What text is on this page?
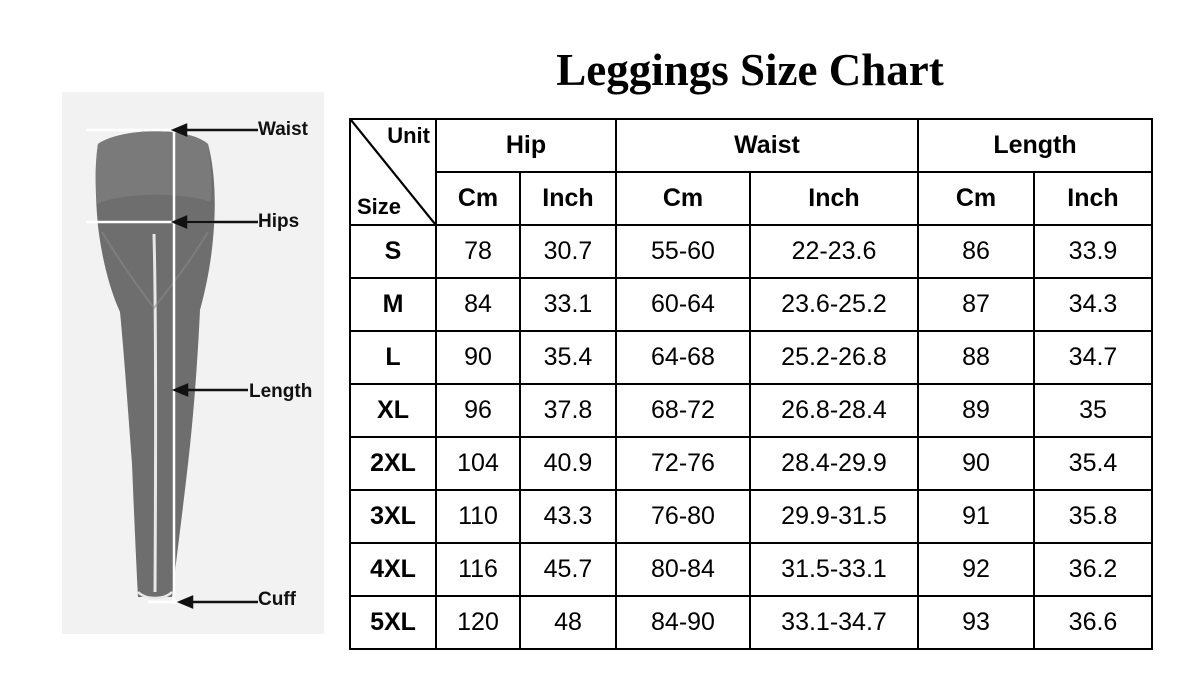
Waist
Hips
Length
Cuff
Leggings Size Chart
Unit
Size	Hip		Waist		Length	
	Cm	Inch	Cm	Inch	Cm	Inch
S	78	30.7	55-60	22-23.6	86	33.9
M	84	33.1	60-64	23.6-25.2	87	34.3
L	90	35.4	64-68	25.2-26.8	88	34.7
XL	96	37.8	68-72	26.8-28.4	89	35
2XL	104	40.9	72-76	28.4-29.9	90	35.4
3XL	110	43.3	76-80	29.9-31.5	91	35.8
4XL	116	45.7	80-84	31.5-33.1	92	36.2
5XL	120	48	84-90	33.1-34.7	93	36.6
